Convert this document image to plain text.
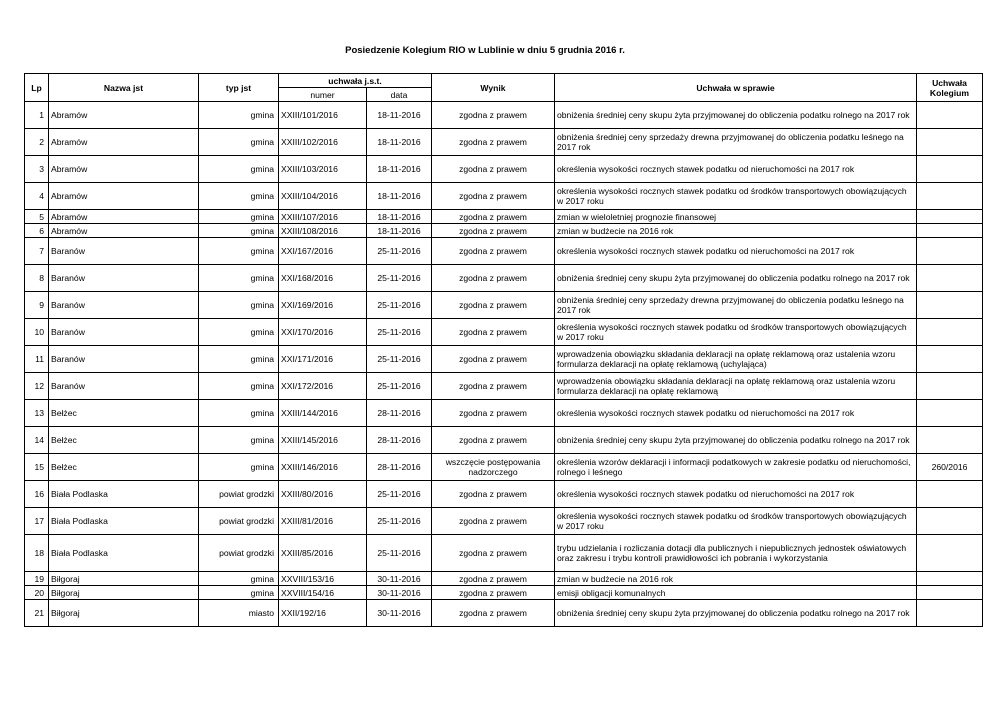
Posiedzenie Kolegium RIO w Lublinie w dniu 5 grudnia 2016 r.
Lp	Nazwa jst	typ jst	uchwała j.s.t.		Wynik	Uchwała w sprawie	Uchwała Kolegium
			numer	data			
1	Abramów	gmina	XXIII/101/2016	18-11-2016	zgodna z prawem	obniżenia średniej ceny skupu żyta przyjmowanej do obliczenia podatku rolnego na 2017 rok	
2	Abramów	gmina	XXIII/102/2016	18-11-2016	zgodna z prawem	obniżenia średniej ceny sprzedaży drewna przyjmowanej do obliczenia podatku leśnego na 2017 rok	
3	Abramów	gmina	XXIII/103/2016	18-11-2016	zgodna z prawem	określenia wysokości rocznych stawek podatku od nieruchomości na 2017 rok	
4	Abramów	gmina	XXIII/104/2016	18-11-2016	zgodna z prawem	określenia wysokości rocznych stawek podatku od środków transportowych obowiązujących w 2017 roku	
5	Abramów	gmina	XXIII/107/2016	18-11-2016	zgodna z prawem	zmian w wieloletniej prognozie finansowej	
6	Abramów	gmina	XXIII/108/2016	18-11-2016	zgodna z prawem	zmian w budżecie na 2016 rok	
7	Baranów	gmina	XXI/167/2016	25-11-2016	zgodna z prawem	określenia wysokości rocznych stawek podatku od nieruchomości na 2017 rok	
8	Baranów	gmina	XXI/168/2016	25-11-2016	zgodna z prawem	obniżenia średniej ceny skupu żyta przyjmowanej do obliczenia podatku rolnego na 2017 rok	
9	Baranów	gmina	XXI/169/2016	25-11-2016	zgodna z prawem	obniżenia średniej ceny sprzedaży drewna przyjmowanej do obliczenia podatku leśnego na 2017 rok	
10	Baranów	gmina	XXI/170/2016	25-11-2016	zgodna z prawem	określenia wysokości rocznych stawek podatku od środków transportowych obowiązujących w 2017 roku	
11	Baranów	gmina	XXI/171/2016	25-11-2016	zgodna z prawem	wprowadzenia obowiązku składania deklaracji na opłatę reklamową oraz ustalenia wzoru formularza deklaracji na opłatę reklamową (uchylająca)	
12	Baranów	gmina	XXI/172/2016	25-11-2016	zgodna z prawem	wprowadzenia obowiązku składania deklaracji na opłatę reklamową oraz ustalenia wzoru formularza deklaracji na opłatę reklamową	
13	Bełżec	gmina	XXIII/144/2016	28-11-2016	zgodna z prawem	określenia wysokości rocznych stawek podatku od nieruchomości na 2017 rok	
14	Bełżec	gmina	XXIII/145/2016	28-11-2016	zgodna z prawem	obniżenia średniej ceny skupu żyta przyjmowanej do obliczenia podatku rolnego na 2017 rok	
15	Bełżec	gmina	XXIII/146/2016	28-11-2016	wszczęcie postępowania nadzorczego	określenia wzorów deklaracji i informacji podatkowych w zakresie podatku od nieruchomości, rolnego i leśnego	260/2016
16	Biała Podlaska	powiat grodzki	XXIII/80/2016	25-11-2016	zgodna z prawem	określenia wysokości rocznych stawek podatku od nieruchomości na 2017 rok	
17	Biała Podlaska	powiat grodzki	XXIII/81/2016	25-11-2016	zgodna z prawem	określenia wysokości rocznych stawek podatku od środków transportowych obowiązujących w 2017 roku	
18	Biała Podlaska	powiat grodzki	XXIII/85/2016	25-11-2016	zgodna z prawem	trybu udzielania i rozliczania dotacji dla publicznych i niepublicznych jednostek oświatowych oraz zakresu i trybu kontroli prawidłowości ich pobrania i wykorzystania	
19	Biłgoraj	gmina	XXVIII/153/16	30-11-2016	zgodna z prawem	zmian w budżecie na 2016 rok	
20	Biłgoraj	gmina	XXVIII/154/16	30-11-2016	zgodna z prawem	emisji obligacji komunalnych	
21	Biłgoraj	miasto	XXII/192/16	30-11-2016	zgodna z prawem	obniżenia średniej ceny skupu żyta przyjmowanej do obliczenia podatku rolnego na 2017 rok	
